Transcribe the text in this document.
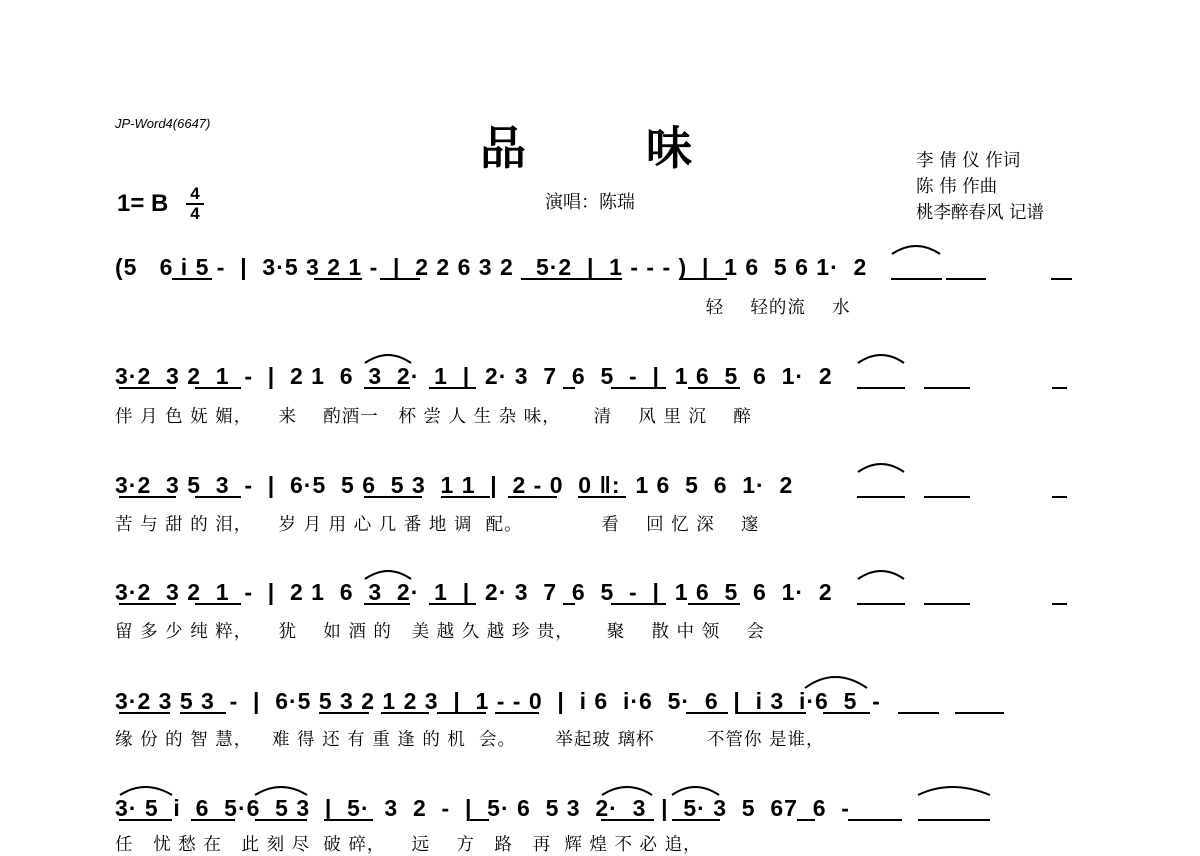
JP-Word4(6647)	品味	李 倩 仪 作词
陈 伟 作曲
桃李醉春风 记谱
1= B 4
4
演唱：陈瑞
(5   6 i 5 -  |  3·5 3 2 1 -  |  2 2 6 3 2   5·2  |  1 - - - )  |  1 6  5 6 1·  2
轻    轻的流    水
3·2  3 2  1  -  |  2 1  6  3  2·  1  |  2· 3  7  6  5  -  |  1 6  5  6  1·  2
伴 月 色 妩 媚，    来    酌酒一   杯 尝 人 生 杂 味，     清    风 里 沉    醉
3·2  3 5  3  -  |  6·5  5 6  5 3  1 1  |  2 - 0  0 ‖:  1 6  5  6  1·  2
苦 与 甜 的 泪，    岁 月 用 心 几 番 地 调  配。            看    回 忆 深    邃
3·2  3 2  1  -  |  2 1  6  3  2·  1  |  2· 3  7  6  5  -  |  1 6  5  6  1·  2
留 多 少 纯 粹，    犹    如 酒 的   美 越 久 越 珍 贵，     聚    散 中 领    会
3·2 3 5 3  -  |  6·5 5 3 2 1 2 3  |  1 - - 0  |  i 6  i·6  5·  6  |  i 3  i·6  5  -
缘 份 的 智 慧，   难 得 还 有 重 逢 的 机  会。      举起玻 璃杯        不管你 是谁，
3· 5  i  6  5·6  5 3  |  5·  3  2  -  |  5· 6  5 3  2·  3  |  5· 3  5  67  6  -
任   忧 愁 在   此 刻 尽  破 碎，    远    方   路   再  辉 煌 不 必 追，
